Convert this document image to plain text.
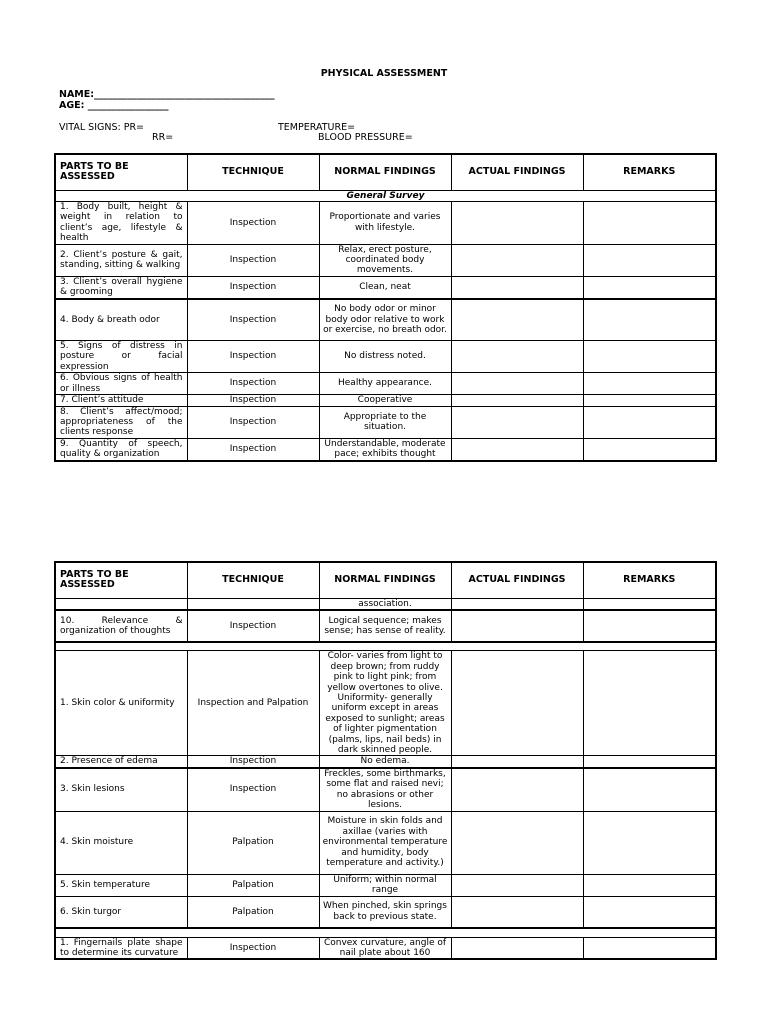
PHYSICAL ASSESSMENT
NAME:______________________________________
AGE: _________________
VITAL SIGNS: PR=
RR=
TEMPERATURE=
BLOOD PRESSURE=
PARTS TO BE ASSESSED	TECHNIQUE	NORMAL FINDINGS	ACTUAL FINDINGS	REMARKS
General Survey				
1. Body built, height & weight in relation to client’s age, lifestyle & health	Inspection	Proportionate and varies with lifestyle.		
2. Client’s posture & gait, standing, sitting & walking	Inspection	Relax, erect posture, coordinated body movements.		
3. Client’s overall hygiene & grooming	Inspection	Clean, neat		
4. Body & breath odor	Inspection	No body odor or minor body odor relative to work or exercise, no breath odor.		
5. Signs of distress in posture or facial expression	Inspection	No distress noted.		
6. Obvious signs of health or illness	Inspection	Healthy appearance.		
7. Client’s attitude	Inspection	Cooperative		
8. Client’s affect/mood; appropriateness of the clients response	Inspection	Appropriate to the situation.		
9. Quantity of speech, quality & organization	Inspection	Understandable, moderate pace; exhibits thought		
PARTS TO BE ASSESSED	TECHNIQUE	NORMAL FINDINGS	ACTUAL FINDINGS	REMARKS
		association.		
10. Relevance & organization of thoughts	Inspection	Logical sequence; makes sense; has sense of reality.		

1. Skin color & uniformity	Inspection and Palpation	Color- varies from light to deep brown; from ruddy pink to light pink; from yellow overtones to olive. Uniformity- generally uniform except in areas exposed to sunlight; areas of lighter pigmentation (palms, lips, nail beds) in dark skinned people.		
2. Presence of edema	Inspection	No edema.		
3. Skin lesions	Inspection	Freckles, some birthmarks, some flat and raised nevi; no abrasions or other lesions.		
4. Skin moisture	Palpation	Moisture in skin folds and axillae (varies with environmental temperature and humidity, body temperature and activity.)		
5. Skin temperature	Palpation	Uniform; within normal range		
6. Skin turgor	Palpation	When pinched, skin springs back to previous state.		

1. Fingernails plate shape to determine its curvature	Inspection	Convex curvature, angle of nail plate about 160		
